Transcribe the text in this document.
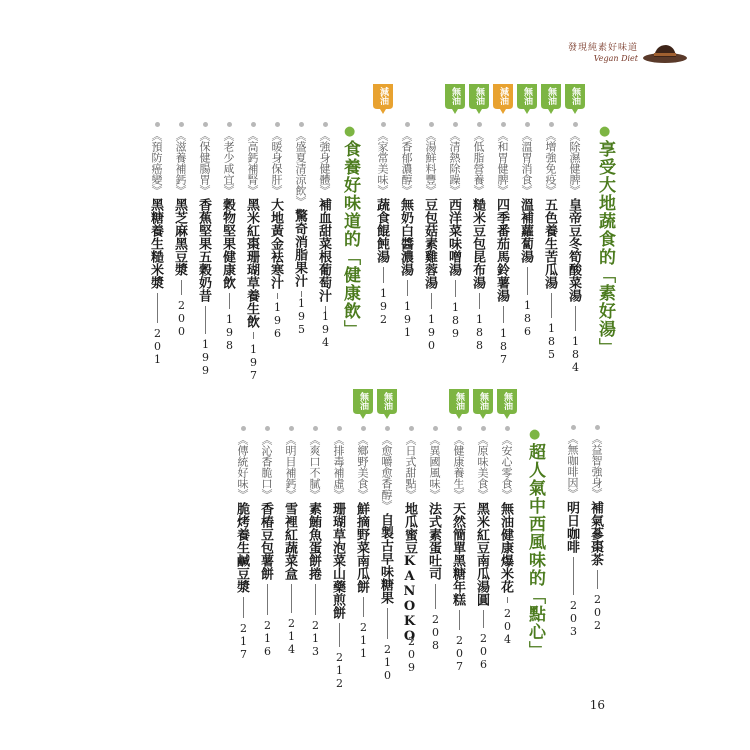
發現純素好味道
Vegan Diet
●
享受大地蔬食的「素好湯」
《除濕健脾》
皇帝豆冬筍酸菜湯
184
無油
《增強免疫》
五色養生苦瓜湯
185
無油
《溫胃消食》
溫補蘿蔔湯
186
無油
《和胃健脾》
四季番茄馬鈴薯湯
187
減油
《低脂營養》
糙米豆包昆布湯
188
無油
《清熱除躁》
西洋菜味噌湯
189
無油
《湯鮮料豐》
豆包菇素雞蓉湯
190
《香郁濃醇》
無奶白醬濃湯
191
《家常美味》
蔬食餛飩湯
192
減油
●
食養好味道的「健康飲」
《強身健體》
補血甜菜根葡萄汁
194
《盛夏清涼飲》
驚奇消脂果汁
195
《暖身保肝》
大地黃金袪寒汁
196
《高鈣補腎》
黑米紅棗珊瑚草養生飲
197
《老少咸宜》
穀物堅果健康飲
198
《保健腸胃》
香蕉堅果五穀奶昔
199
《滋養補鈣》
黑芝麻黑豆漿
200
《預防癌變》
黑糖養生糙米漿
201
《益智強身》
補氣蔘棗茶
202
《無咖啡因》
明日咖啡
203
●
超人氣中西風味的「點心」
《安心零食》
無油健康爆米花
204
無油
《原味美食》
黑米紅豆南瓜湯圓
206
無油
《健康養生》
天然簡單黑糖年糕
207
無油
《異國風味》
法式素蛋吐司
208
《日式甜點》
地瓜蜜豆KANOKO
209
《愈嚼愈香醇》
自製古早味糖果
210
無油
《鄉野美食》
鮮摘野菜南瓜餅
211
無油
《排毒補虛》
珊瑚草泡菜山藥煎餅
212
《爽口不膩》
素鮪魚蛋餅捲
213
《明目補鈣》
雪裡紅蔬菜盒
214
《沁香脆口》
香椿豆包薯餅
216
《傳統好味》
脆烤養生鹹豆漿
217
16
